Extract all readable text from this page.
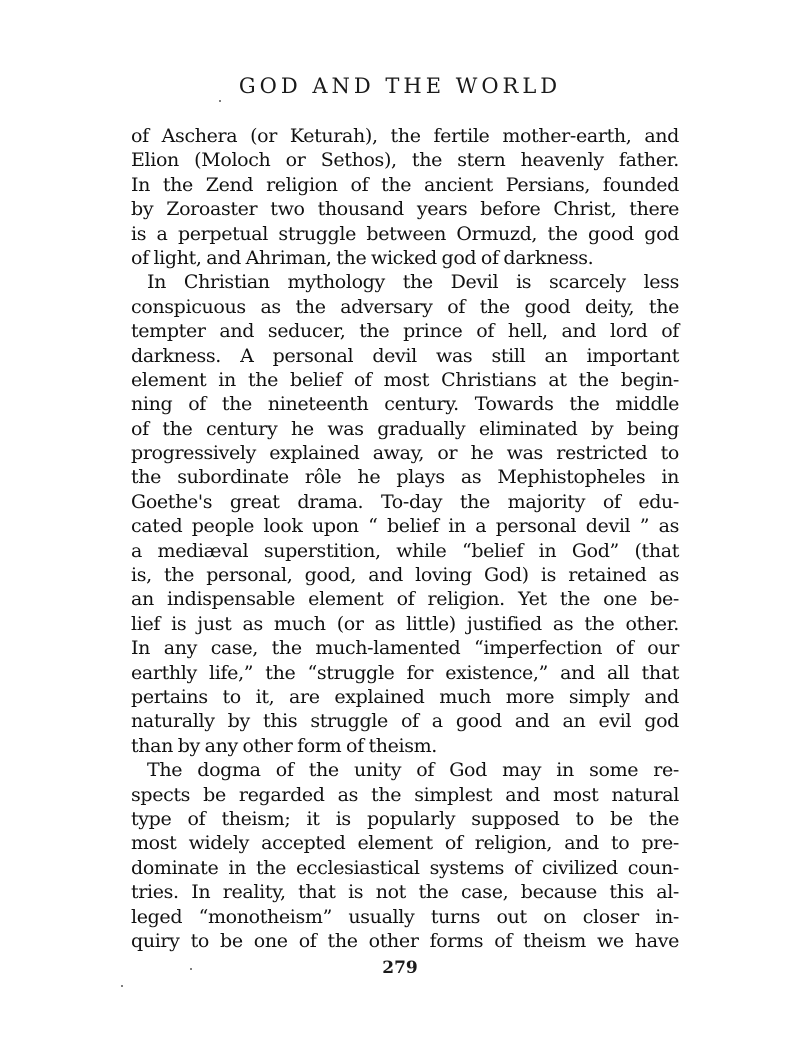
GOD AND THE WORLD
of Aschera (or Keturah), the fertile mother-earth, and
Elion (Moloch or Sethos), the stern heavenly father.
In the Zend religion of the ancient Persians, founded
by Zoroaster two thousand years before Christ, there
is a perpetual struggle between Ormuzd, the good god
of light, and Ahriman, the wicked god of darkness.
In Christian mythology the Devil is scarcely less
conspicuous as the adversary of the good deity, the
tempter and seducer, the prince of hell, and lord of
darkness. A personal devil was still an important
element in the belief of most Christians at the begin-
ning of the nineteenth century. Towards the middle
of the century he was gradually eliminated by being
progressively explained away, or he was restricted to
the subordinate rôle he plays as Mephistopheles in
Goethe's great drama. To-day the majority of edu-
cated people look upon “ belief in a personal devil ” as
a mediæval superstition, while “belief in God” (that
is, the personal, good, and loving God) is retained as
an indispensable element of religion. Yet the one be-
lief is just as much (or as little) justified as the other.
In any case, the much-lamented “imperfection of our
earthly life,” the “struggle for existence,” and all that
pertains to it, are explained much more simply and
naturally by this struggle of a good and an evil god
than by any other form of theism.
The dogma of the unity of God may in some re-
spects be regarded as the simplest and most natural
type of theism; it is popularly supposed to be the
most widely accepted element of religion, and to pre-
dominate in the ecclesiastical systems of civilized coun-
tries. In reality, that is not the case, because this al-
leged “monotheism” usually turns out on closer in-
quiry to be one of the other forms of theism we have
279
